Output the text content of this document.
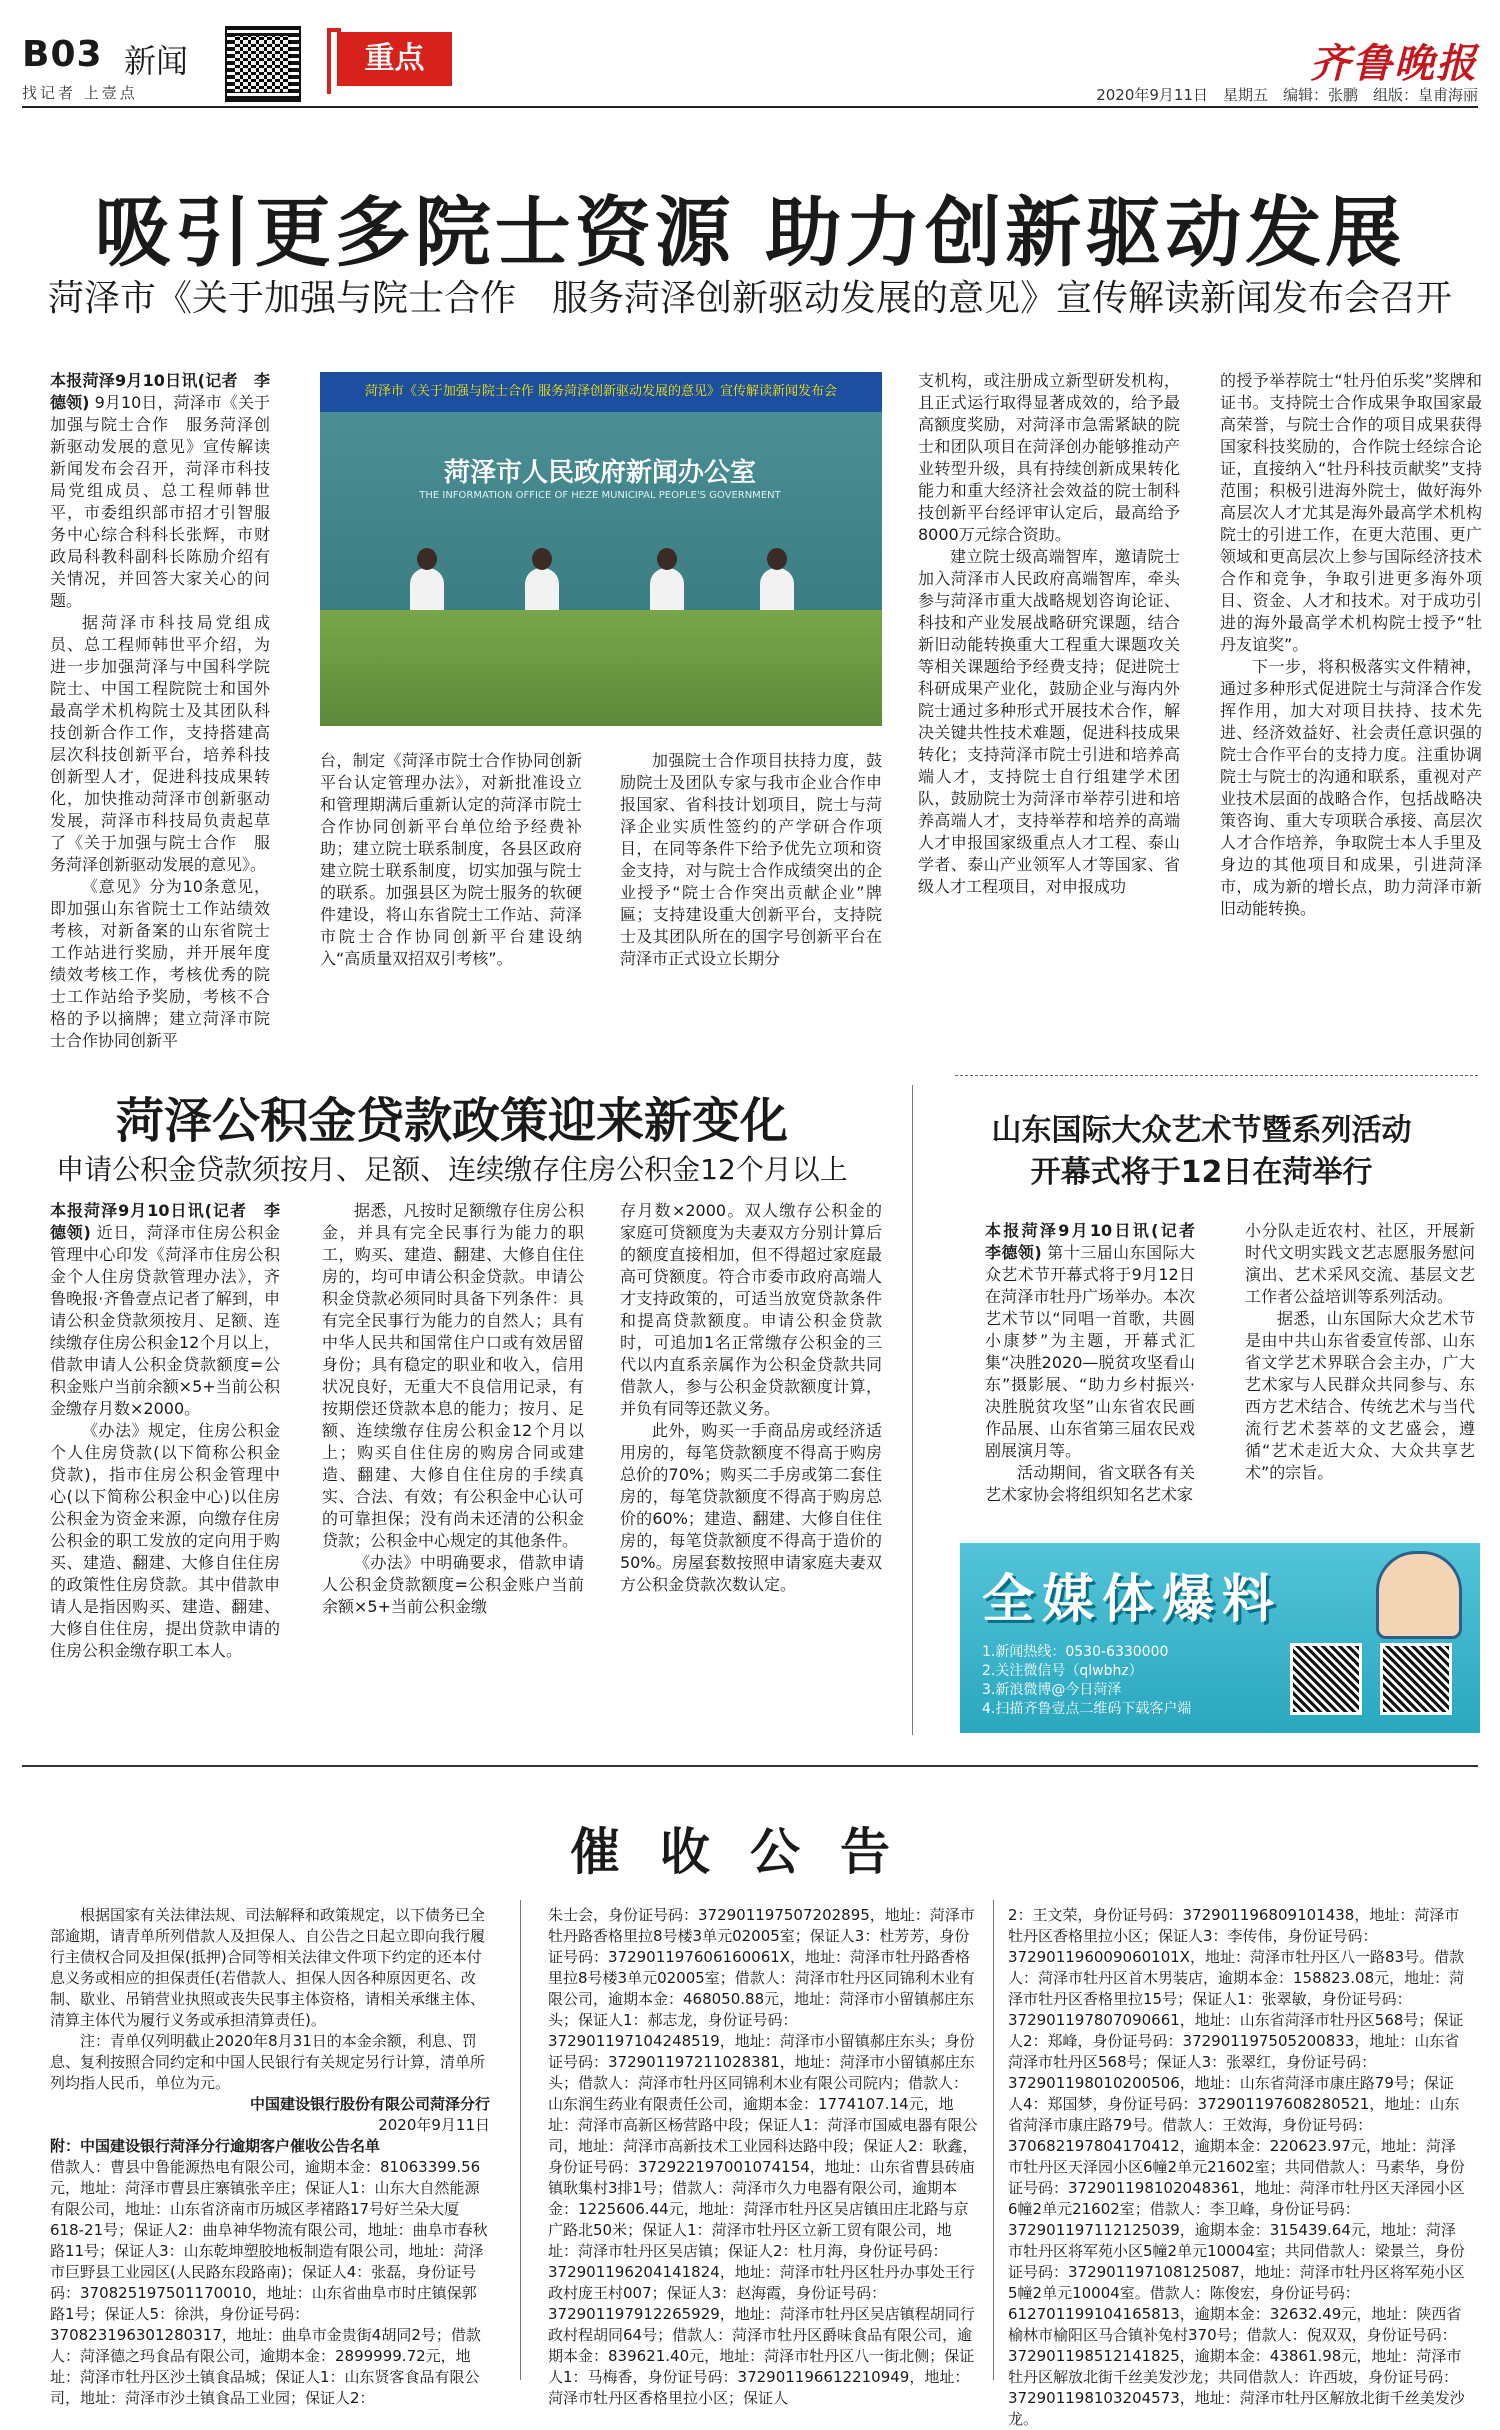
B03 新闻
找记者 上壹点
重点	齐鲁晚报
2020年9月11日　星期五　编辑：张鹏　组版：皇甫海丽
吸引更多院士资源 助力创新驱动发展
菏泽市《关于加强与院士合作　服务菏泽创新驱动发展的意见》宣传解读新闻发布会召开

本报菏泽9月10日讯(记者　李德领) 9月10日，菏泽市《关于加强与院士合作　服务菏泽创新驱动发展的意见》宣传解读新闻发布会召开，菏泽市科技局党组成员、总工程师韩世平，市委组织部市招才引智服务中心综合科科长张辉，市财政局科教科副科长陈励介绍有关情况，并回答大家关心的问题。

据菏泽市科技局党组成员、总工程师韩世平介绍，为进一步加强菏泽与中国科学院院士、中国工程院院士和国外最高学术机构院士及其团队科技创新合作工作，支持搭建高层次科技创新平台，培养科技创新型人才，促进科技成果转化，加快推动菏泽市创新驱动发展，菏泽市科技局负责起草了《关于加强与院士合作　服务菏泽创新驱动发展的意见》。

《意见》分为10条意见，即加强山东省院士工作站绩效考核，对新备案的山东省院士工作站进行奖励，并开展年度绩效考核工作，考核优秀的院士工作站给予奖励，考核不合格的予以摘牌；建立菏泽市院士合作协同创新平

菏泽市《关于加强与院士合作 服务菏泽创新驱动发展的意见》宣传解读新闻发布会
菏泽市人民政府新闻办公室
THE INFORMATION OFFICE OF HEZE MUNICIPAL PEOPLE'S GOVERNMENT

台，制定《菏泽市院士合作协同创新平台认定管理办法》，对新批准设立和管理期满后重新认定的菏泽市院士合作协同创新平台单位给予经费补助；建立院士联系制度，各县区政府建立院士联系制度，切实加强与院士的联系。加强县区为院士服务的软硬件建设，将山东省院士工作站、菏泽市院士合作协同创新平台建设纳入“高质量双招双引考核”。

加强院士合作项目扶持力度，鼓励院士及团队专家与我市企业合作申报国家、省科技计划项目，院士与菏泽企业实质性签约的产学研合作项目，在同等条件下给予优先立项和资金支持，对与院士合作成绩突出的企业授予“院士合作突出贡献企业”牌匾；支持建设重大创新平台，支持院士及其团队所在的国字号创新平台在菏泽市正式设立长期分

支机构，或注册成立新型研发机构，且正式运行取得显著成效的，给予最高额度奖励，对菏泽市急需紧缺的院士和团队项目在菏泽创办能够推动产业转型升级，具有持续创新成果转化能力和重大经济社会效益的院士制科技创新平台经评审认定后，最高给予8000万元综合资助。

建立院士级高端智库，邀请院士加入菏泽市人民政府高端智库，牵头参与菏泽市重大战略规划咨询论证、科技和产业发展战略研究课题，结合新旧动能转换重大工程重大课题攻关等相关课题给予经费支持；促进院士科研成果产业化，鼓励企业与海内外院士通过多种形式开展技术合作，解决关键共性技术难题，促进科技成果转化；支持菏泽市院士引进和培养高端人才，支持院士自行组建学术团队，鼓励院士为菏泽市举荐引进和培养高端人才，支持举荐和培养的高端人才申报国家级重点人才工程、泰山学者、泰山产业领军人才等国家、省级人才工程项目，对申报成功

的授予举荐院士“牡丹伯乐奖”奖牌和证书。支持院士合作成果争取国家最高荣誉，与院士合作的项目成果获得国家科技奖励的，合作院士经综合论证，直接纳入“牡丹科技贡献奖”支持范围；积极引进海外院士，做好海外高层次人才尤其是海外最高学术机构院士的引进工作，在更大范围、更广领域和更高层次上参与国际经济技术合作和竞争，争取引进更多海外项目、资金、人才和技术。对于成功引进的海外最高学术机构院士授予“牡丹友谊奖”。

下一步，将积极落实文件精神，通过多种形式促进院士与菏泽合作发挥作用，加大对项目扶持、技术先进、经济效益好、社会责任意识强的院士合作平台的支持力度。注重协调院士与院士的沟通和联系，重视对产业技术层面的战略合作，包括战略决策咨询、重大专项联合承接、高层次人才合作培养，争取院士本人手里及身边的其他项目和成果，引进菏泽市，成为新的增长点，助力菏泽市新旧动能转换。

菏泽公积金贷款政策迎来新变化
申请公积金贷款须按月、足额、连续缴存住房公积金12个月以上

本报菏泽9月10日讯(记者　李德领) 近日，菏泽市住房公积金管理中心印发《菏泽市住房公积金个人住房贷款管理办法》，齐鲁晚报·齐鲁壹点记者了解到，申请公积金贷款须按月、足额、连续缴存住房公积金12个月以上，借款申请人公积金贷款额度=公积金账户当前余额×5+当前公积金缴存月数×2000。

《办法》规定，住房公积金个人住房贷款(以下简称公积金贷款)，指市住房公积金管理中心(以下简称公积金中心)以住房公积金为资金来源，向缴存住房公积金的职工发放的定向用于购买、建造、翻建、大修自住住房的政策性住房贷款。其中借款申请人是指因购买、建造、翻建、大修自住住房，提出贷款申请的住房公积金缴存职工本人。

据悉，凡按时足额缴存住房公积金，并具有完全民事行为能力的职工，购买、建造、翻建、大修自住住房的，均可申请公积金贷款。申请公积金贷款必须同时具备下列条件：具有完全民事行为能力的自然人；具有中华人民共和国常住户口或有效居留身份；具有稳定的职业和收入，信用状况良好，无重大不良信用记录，有按期偿还贷款本息的能力；按月、足额、连续缴存住房公积金12个月以上；购买自住住房的购房合同或建造、翻建、大修自住住房的手续真实、合法、有效；有公积金中心认可的可靠担保；没有尚未还清的公积金贷款；公积金中心规定的其他条件。

《办法》中明确要求，借款申请人公积金贷款额度=公积金账户当前余额×5+当前公积金缴

存月数×2000。双人缴存公积金的家庭可贷额度为夫妻双方分别计算后的额度直接相加，但不得超过家庭最高可贷额度。符合市委市政府高端人才支持政策的，可适当放宽贷款条件和提高贷款额度。申请公积金贷款时，可追加1名正常缴存公积金的三代以内直系亲属作为公积金贷款共同借款人，参与公积金贷款额度计算，并负有同等还款义务。

此外，购买一手商品房或经济适用房的，每笔贷款额度不得高于购房总价的70%；购买二手房或第二套住房的，每笔贷款额度不得高于购房总价的60%；建造、翻建、大修自住住房的，每笔贷款额度不得高于造价的50%。房屋套数按照申请家庭夫妻双方公积金贷款次数认定。

山东国际大众艺术节暨系列活动
开幕式将于12日在菏举行

本报菏泽9月10日讯(记者　李德领) 第十三届山东国际大众艺术节开幕式将于9月12日在菏泽市牡丹广场举办。本次艺术节以“同唱一首歌，共圆小康梦”为主题，开幕式汇集“决胜2020—脱贫攻坚看山东”摄影展、“助力乡村振兴·决胜脱贫攻坚”山东省农民画作品展、山东省第三届农民戏剧展演月等。

活动期间，省文联各有关艺术家协会将组织知名艺术家

小分队走近农村、社区，开展新时代文明实践文艺志愿服务慰问演出、艺术采风交流、基层文艺工作者公益培训等系列活动。

据悉，山东国际大众艺术节是由中共山东省委宣传部、山东省文学艺术界联合会主办，广大艺术家与人民群众共同参与、东西方艺术结合、传统艺术与当代流行艺术荟萃的文艺盛会，遵循“艺术走近大众、大众共享艺术”的宗旨。

全媒体爆料
1.新闻热线：0530-6330000
2.关注微信号（qlwbhz）
3.新浪微博@今日菏泽
4.扫描齐鲁壹点二维码下载客户端
催收公告

根据国家有关法律法规、司法解释和政策规定，以下债务已全部逾期，请青单所列借款人及担保人、自公告之日起立即向我行履行主债权合同及担保(抵押)合同等相关法律文件项下约定的还本付息义务或相应的担保责任(若借款人、担保人因各种原因更名、改制、歇业、吊销营业执照或丧失民事主体资格，请相关承继主体、清算主体代为履行义务或承担清算责任)。

注：青单仅列明截止2020年8月31日的本金余额，利息、罚息、复利按照合同约定和中国人民银行有关规定另行计算，清单所列均指人民币，单位为元。

中国建设银行股份有限公司菏泽分行

2020年9月11日

附：中国建设银行菏泽分行逾期客户催收公告名单

借款人：曹县中鲁能源热电有限公司，逾期本金：81063399.56元，地址：菏泽市曹县庄寨镇张辛庄；保证人1：山东大自然能源有限公司，地址：山东省济南市历城区孝褚路17号好兰朵大厦618-21号；保证人2：曲阜神华物流有限公司，地址：曲阜市春秋路11号；保证人3：山东乾坤塑胶地板制造有限公司，地址：菏泽市巨野县工业园区(人民路东段路南)；保证人4：张磊，身份证号码：370825197501170010，地址：山东省曲阜市时庄镇保郭路1号；保证人5：徐洪，身份证号码：370823196301280317，地址：曲阜市金贵街4胡同2号；借款人：菏泽德之玛食品有限公司，逾期本金：2899999.72元，地址：菏泽市牡丹区沙土镇食品城；保证人1：山东贤客食品有限公司，地址：菏泽市沙土镇食品工业园；保证人2：

朱士会，身份证号码：372901197507202895，地址：菏泽市牡丹路香格里拉8号楼3单元02005室；保证人3：杜芳芳，身份证号码：372901197606160061X，地址：菏泽市牡丹路香格里拉8号楼3单元02005室；借款人：菏泽市牡丹区同锦利木业有限公司，逾期本金：468050.88元，地址：菏泽市小留镇郝庄东头；保证人1：郝志龙，身份证号码：372901197104248519，地址：菏泽市小留镇郝庄东头；身份证号码：372901197211028381，地址：菏泽市小留镇郝庄东头；借款人：菏泽市牡丹区同锦利木业有限公司院内；借款人：山东润生药业有限责任公司，逾期本金：1774107.14元，地址：菏泽市高新区杨营路中段；保证人1：菏泽市国威电器有限公司，地址：菏泽市高新技术工业园科达路中段；保证人2：耿鑫，身份证号码：372922197001074154，地址：山东省曹县砖庙镇耿集村3排1号；借款人：菏泽市久力电器有限公司，逾期本金：1225606.44元，地址：菏泽市牡丹区吴店镇田庄北路与京广路北50米；保证人1：菏泽市牡丹区立新工贸有限公司，地址：菏泽市牡丹区吴店镇；保证人2：杜月海，身份证号码：372901196204141824，地址：菏泽市牡丹区牡丹办事处王行政村庞王村007；保证人3：赵海霞，身份证号码：372901197912265929，地址：菏泽市牡丹区吴店镇程胡同行政村程胡同64号；借款人：菏泽市牡丹区爵味食品有限公司，逾期本金：839621.40元，地址：菏泽市牡丹区八一街北侧；保证人1：马梅香，身份证号码：372901196612210949，地址：菏泽市牡丹区香格里拉小区；保证人

2：王文荣，身份证号码：372901196809101438，地址：菏泽市牡丹区香格里拉小区；保证人3：李传伟，身份证号码：372901196009060101X，地址：菏泽市牡丹区八一路83号。借款人：菏泽市牡丹区首木男装店，逾期本金：158823.08元，地址：菏泽市牡丹区香格里拉15号；保证人1：张翠敏，身份证号码：372901197807090661，地址：山东省菏泽市牡丹区568号；保证人2：郑峰，身份证号码：372901197505200833，地址：山东省菏泽市牡丹区568号；保证人3：张翠红，身份证号码：372901198010200506，地址：山东省菏泽市康庄路79号；保证人4：郑国梦，身份证号码：372901197608280521，地址：山东省菏泽市康庄路79号。借款人：王效海，身份证号码：370682197804170412，逾期本金：220623.97元，地址：菏泽市牡丹区天泽园小区6幢2单元21602室；共同借款人：马素华，身份证号码：372901198102048361，地址：菏泽市牡丹区天泽园小区6幢2单元21602室；借款人：李卫峰，身份证号码：372901197112125039，逾期本金：315439.64元，地址：菏泽市牡丹区将军苑小区5幢2单元10004室；共同借款人：梁景兰，身份证号码：372901197108125087，地址：菏泽市牡丹区将军苑小区5幢2单元10004室。借款人：陈俊宏，身份证号码：612701199104165813，逾期本金：32632.49元，地址：陕西省榆林市榆阳区马合镇补兔村370号；借款人：倪双双，身份证号码：372901198512141825，逾期本金：43861.98元，地址：菏泽市牡丹区解放北街千丝美发沙龙；共同借款人：许西坡，身份证号码：372901198103204573，地址：菏泽市牡丹区解放北街千丝美发沙龙。
